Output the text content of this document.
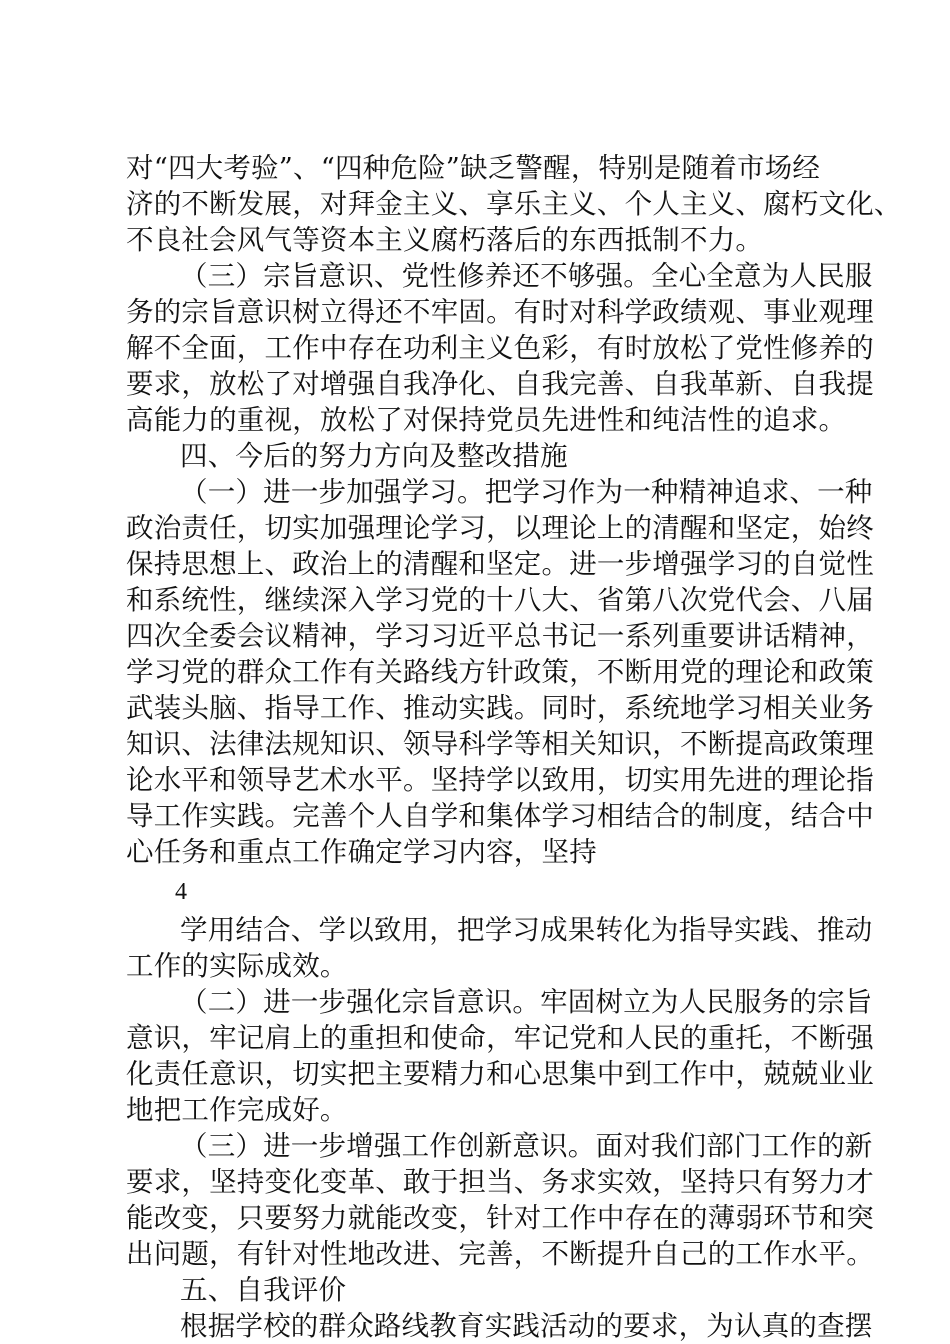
对“四大考验”、“四种危险”缺乏警醒，特别是随着市场经
济的不断发展，对拜金主义、享乐主义、个人主义、腐朽文化、
不良社会风气等资本主义腐朽落后的东西抵制不力。
（三）宗旨意识、党性修养还不够强。全心全意为人民服
务的宗旨意识树立得还不牢固。有时对科学政绩观、事业观理
解不全面，工作中存在功利主义色彩，有时放松了党性修养的
要求，放松了对增强自我净化、自我完善、自我革新、自我提
高能力的重视，放松了对保持党员先进性和纯洁性的追求。
四、今后的努力方向及整改措施
（一）进一步加强学习。把学习作为一种精神追求、一种
政治责任，切实加强理论学习，以理论上的清醒和坚定，始终
保持思想上、政治上的清醒和坚定。进一步增强学习的自觉性
和系统性，继续深入学习党的十八大、省第八次党代会、八届
四次全委会议精神，学习习近平总书记一系列重要讲话精神，
学习党的群众工作有关路线方针政策，不断用党的理论和政策
武装头脑、指导工作、推动实践。同时，系统地学习相关业务
知识、法律法规知识、领导科学等相关知识，不断提高政策理
论水平和领导艺术水平。坚持学以致用，切实用先进的理论指
导工作实践。完善个人自学和集体学习相结合的制度，结合中
心任务和重点工作确定学习内容，坚持
4
学用结合、学以致用，把学习成果转化为指导实践、推动
工作的实际成效。
（二）进一步强化宗旨意识。牢固树立为人民服务的宗旨
意识，牢记肩上的重担和使命，牢记党和人民的重托，不断强
化责任意识，切实把主要精力和心思集中到工作中，兢兢业业
地把工作完成好。
（三）进一步增强工作创新意识。面对我们部门工作的新
要求，坚持变化变革、敢于担当、务求实效，坚持只有努力才
能改变，只要努力就能改变，针对工作中存在的薄弱环节和突
出问题，有针对性地改进、完善，不断提升自己的工作水平。
五、自我评价
根据学校的群众路线教育实践活动的要求，为认真的查摆
